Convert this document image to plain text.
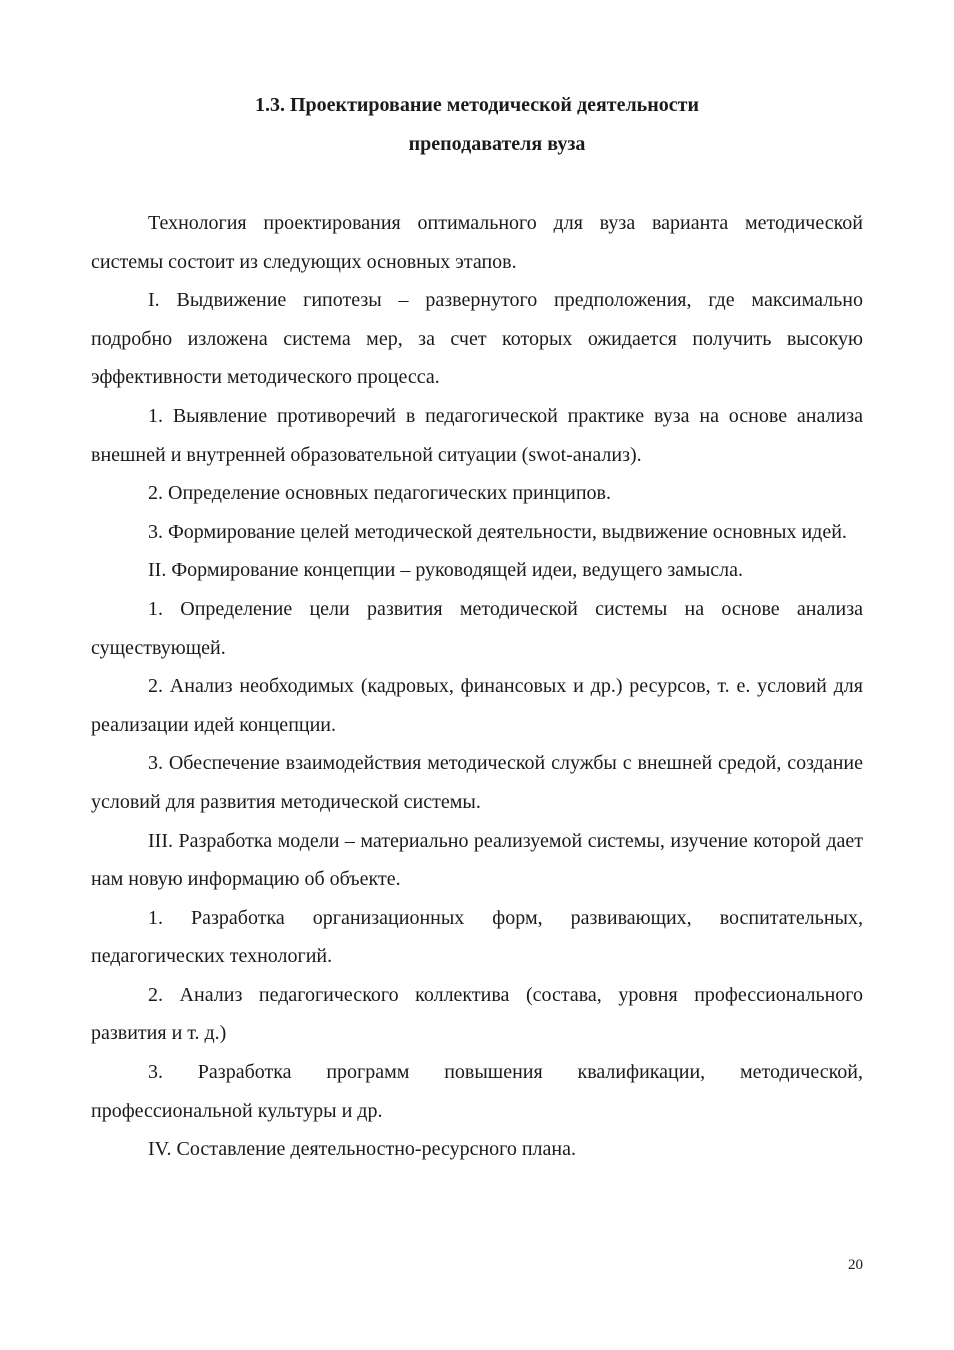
1.3. Проектирование методической деятельности
преподавателя вуза

Технология проектирования оптимального для вуза варианта методической системы состоит из следующих основных этапов.

I. Выдвижение гипотезы – развернутого предположения, где максимально подробно изложена система мер, за счет которых ожидается получить высокую эффективности методического процесса.

1. Выявление противоречий в педагогической практике вуза на основе анализа внешней и внутренней образовательной ситуации (swot-анализ).

2. Определение основных педагогических принципов.

3. Формирование целей методической деятельности, выдвижение основных идей.

II. Формирование концепции – руководящей идеи, ведущего замысла.

1. Определение цели развития методической системы на основе анализа существующей.

2. Анализ необходимых (кадровых, финансовых и др.) ресурсов, т. е. условий для реализации идей концепции.

3. Обеспечение взаимодействия методической службы с внешней средой, создание условий для развития методической системы.

III. Разработка модели – материально реализуемой системы, изучение которой дает нам новую информацию об объекте.

1. Разработка организационных форм, развивающих, воспитательных, педагогических технологий.

2. Анализ педагогического коллектива (состава, уровня профессионального развития и т. д.)

3. Разработка программ повышения квалификации, методической, профессиональной культуры и др.

IV. Составление деятельностно-ресурсного плана.

20
